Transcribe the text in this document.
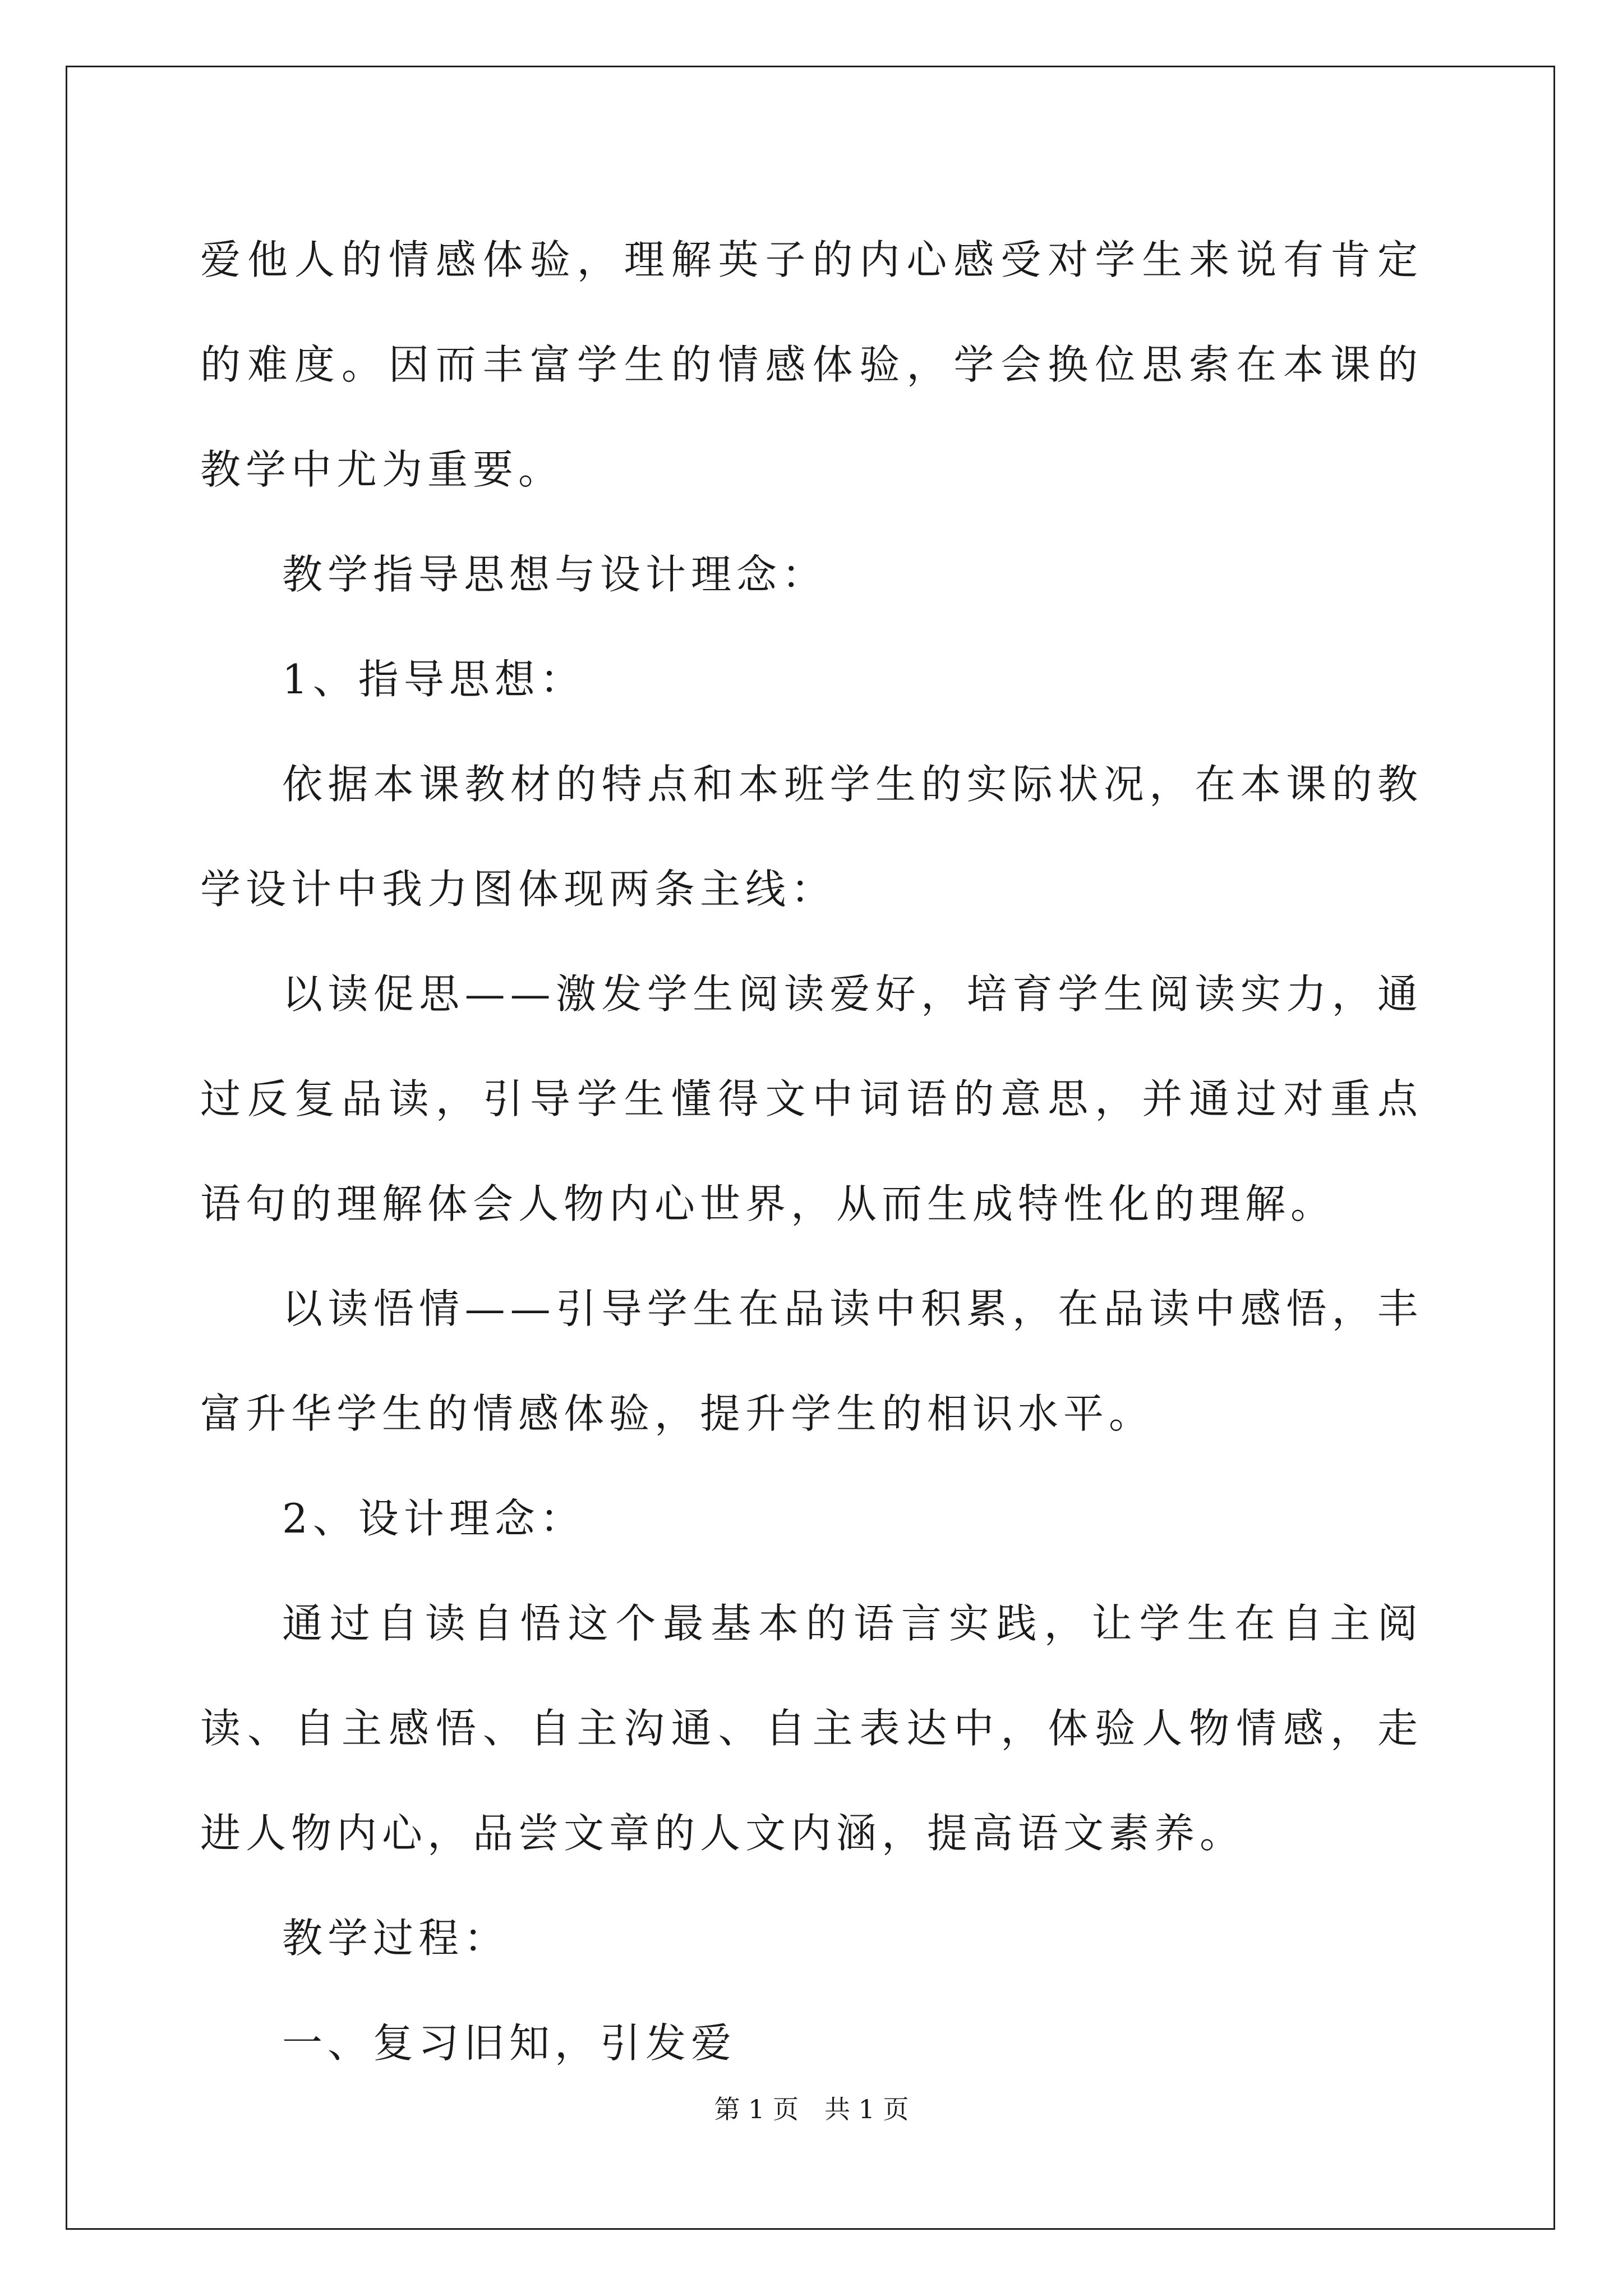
爱他人的情感体验，理解英子的内心感受对学生来说有肯定的难度。因而丰富学生的情感体验，学会换位思索在本课的教学中尤为重要。

教学指导思想与设计理念：

1、指导思想：

依据本课教材的特点和本班学生的实际状况，在本课的教学设计中我力图体现两条主线：

以读促思——激发学生阅读爱好，培育学生阅读实力，通过反复品读，引导学生懂得文中词语的意思，并通过对重点语句的理解体会人物内心世界，从而生成特性化的理解。

以读悟情——引导学生在品读中积累，在品读中感悟，丰富升华学生的情感体验，提升学生的相识水平。

2、设计理念：

通过自读自悟这个最基本的语言实践，让学生在自主阅读、自主感悟、自主沟通、自主表达中，体验人物情感，走进人物内心，品尝文章的人文内涵，提高语文素养。

教学过程：

一、复习旧知，引发爱

第 1 页　共 1 页
